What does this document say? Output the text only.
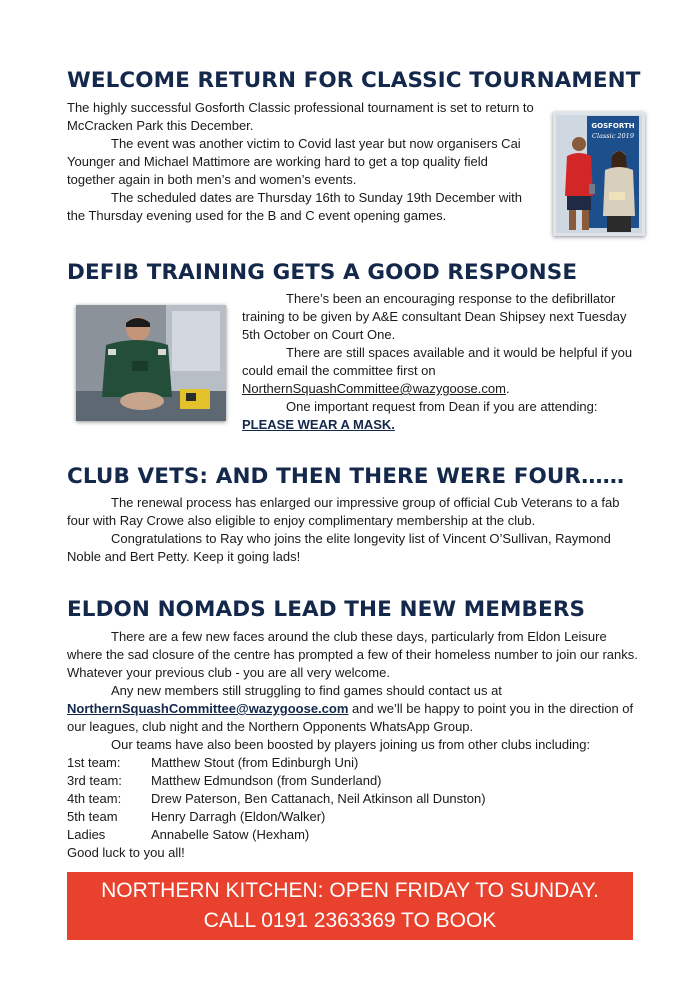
WELCOME RETURN FOR CLASSIC TOURNAMENT

The highly successful Gosforth Classic professional tournament is set to return to McCracken Park this December.

The event was another victim to Covid last year but now organisers Cai Younger and Michael Mattimore are working hard to get a top quality field together again in both men’s and women’s events.

The scheduled dates are Thursday 16th to Sunday 19th December with the Thursday evening used for the B and C event opening games.

GOSFORTH
Classic 2019
DEFIB TRAINING GETS A GOOD RESPONSE

There’s been an encouraging response to the defibrillator training to be given by A&E consultant Dean Shipsey next Tuesday 5th October on Court One.

There are still spaces available and it would be helpful if you could email the committee first on NorthernSquashCommittee@wazygoose.com.

One important request from Dean if you are attending:

PLEASE WEAR A MASK.

CLUB VETS: AND THEN THERE WERE FOUR……

The renewal process has enlarged our impressive group of official Cub Veterans to a fab four with Ray Crowe also eligible to enjoy complimentary membership at the club.

Congratulations to Ray who joins the elite longevity list of Vincent O’Sullivan, Raymond Noble and Bert Petty. Keep it going lads!

ELDON NOMADS LEAD THE NEW MEMBERS

There are a few new faces around the club these days, particularly from Eldon Leisure where the sad closure of the centre has prompted a few of their homeless number to join our ranks. Whatever your previous club - you are all very welcome.

Any new members still struggling to find games should contact us at NorthernSquashCommittee@wazygoose.com and we’ll be happy to point you in the direction of our leagues, club night and the Northern Opponents WhatsApp Group.

Our teams have also been boosted by players joining us from other clubs including:

1st team:	Matthew Stout (from Edinburgh Uni)
3rd team:	Matthew Edmundson (from Sunderland)
4th team:	Drew Paterson, Ben Cattanach, Neil Atkinson all Dunston)
5th team	Henry Darragh (Eldon/Walker)
Ladies	Annabelle Satow (Hexham)

Good luck to you all!

NORTHERN KITCHEN: OPEN FRIDAY TO SUNDAY.
CALL 0191 2363369 TO BOOK
